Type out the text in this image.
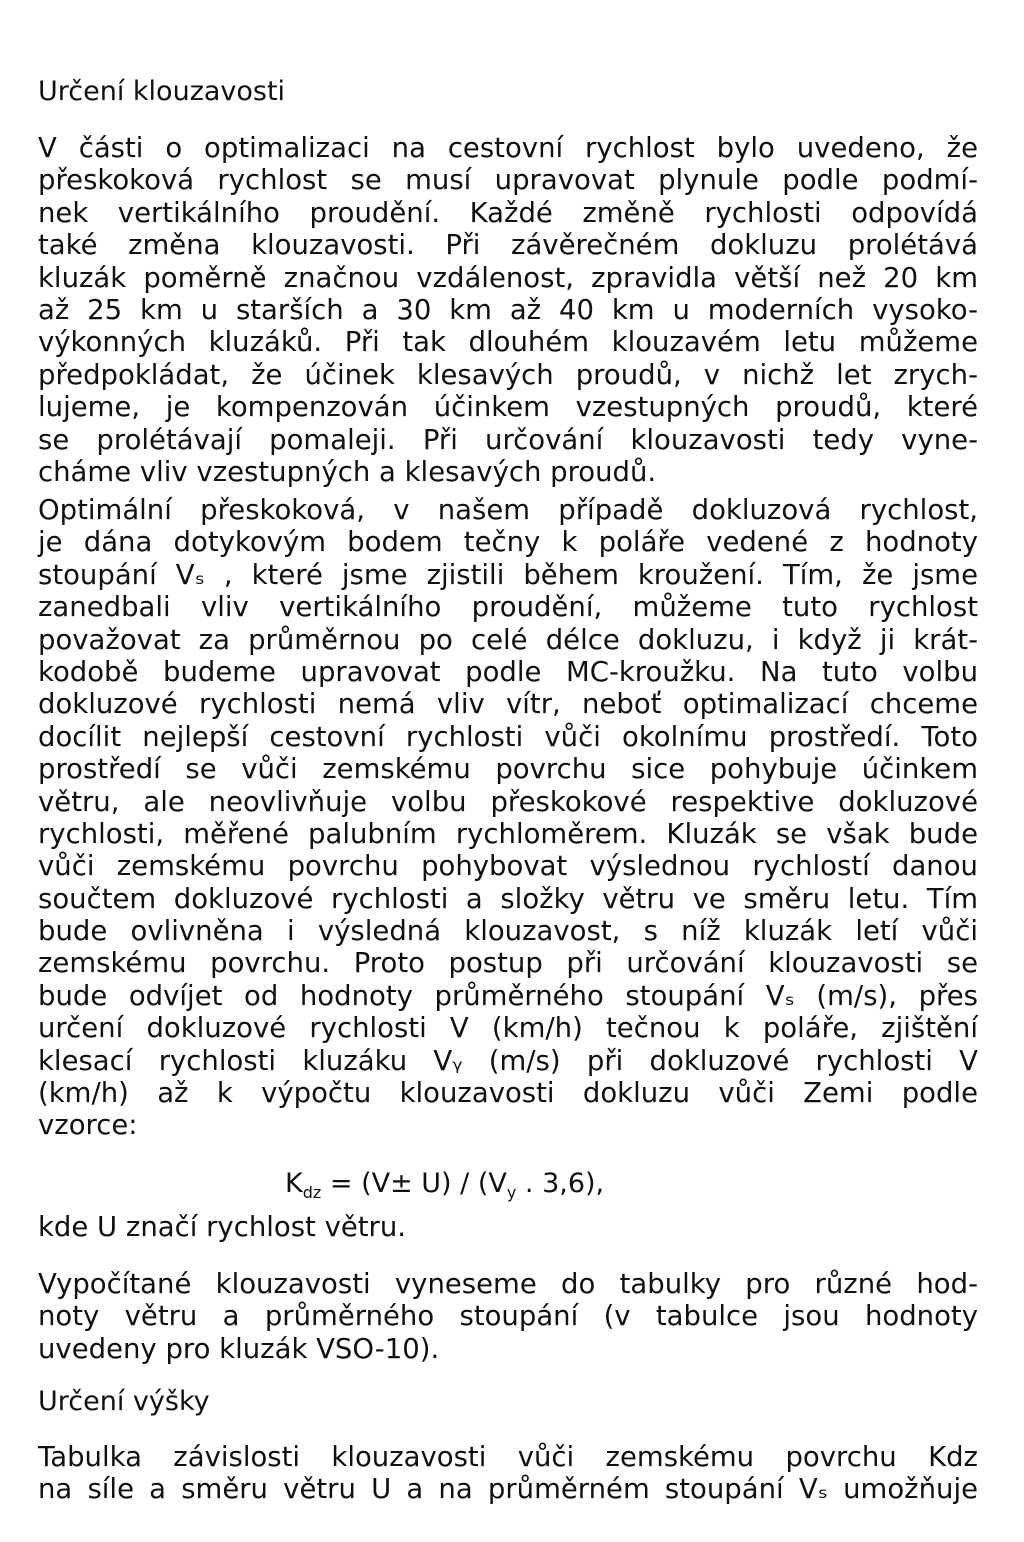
Určení klouzavosti
V části o optimalizaci na cestovní rychlost bylo uvedeno, že
přeskoková rychlost se musí upravovat plynule podle podmí-
nek vertikálního proudění. Každé změně rychlosti odpovídá
také změna klouzavosti. Při závěrečném dokluzu prolétává
kluzák poměrně značnou vzdálenost, zpravidla větší než 20 km
až 25 km u starších a 30 km až 40 km u moderních vysoko-
výkonných kluzáků. Při tak dlouhém klouzavém letu můžeme
předpokládat, že účinek klesavých proudů, v nichž let zrych-
lujeme, je kompenzován účinkem vzestupných proudů, které
se prolétávají pomaleji. Při určování klouzavosti tedy vyne-
cháme vliv vzestupných a klesavých proudů.
Optimální přeskoková, v našem případě dokluzová rychlost,
je dána dotykovým bodem tečny k poláře vedené z hodnoty
stoupání Vₛ , které jsme zjistili během kroužení. Tím, že jsme
zanedbali vliv vertikálního proudění, můžeme tuto rychlost
považovat za průměrnou po celé délce dokluzu, i když ji krát-
kodobě budeme upravovat podle MC-kroužku. Na tuto volbu
dokluzové rychlosti nemá vliv vítr, neboť optimalizací chceme
docílit nejlepší cestovní rychlosti vůči okolnímu prostředí. Toto
prostředí se vůči zemskému povrchu sice pohybuje účinkem
větru, ale neovlivňuje volbu přeskokové respektive dokluzové
rychlosti, měřené palubním rychloměrem. Kluzák se však bude
vůči zemskému povrchu pohybovat výslednou rychlostí danou
součtem dokluzové rychlosti a složky větru ve směru letu. Tím
bude ovlivněna i výsledná klouzavost, s níž kluzák letí vůči
zemskému povrchu. Proto postup při určování klouzavosti se
bude odvíjet od hodnoty průměrného stoupání Vₛ (m/s), přes
určení dokluzové rychlosti V (km/h) tečnou k poláře, zjištění
klesací rychlosti kluzáku Vᵧ (m/s) při dokluzové rychlosti V
(km/h) až k výpočtu klouzavosti dokluzu vůči Zemi podle
vzorce:
$K_{dz} = (V\pm U) / (V_y$ . 3,6),
kde U značí rychlost větru.
Vypočítané klouzavosti vyneseme do tabulky pro různé hod-
noty větru a průměrného stoupání (v tabulce jsou hodnoty
uvedeny pro kluzák VSO-10).
Určení výšky
Tabulka závislosti klouzavosti vůči zemskému povrchu Kdz
na síle a směru větru U a na průměrném stoupání Vₛ umožňuje
